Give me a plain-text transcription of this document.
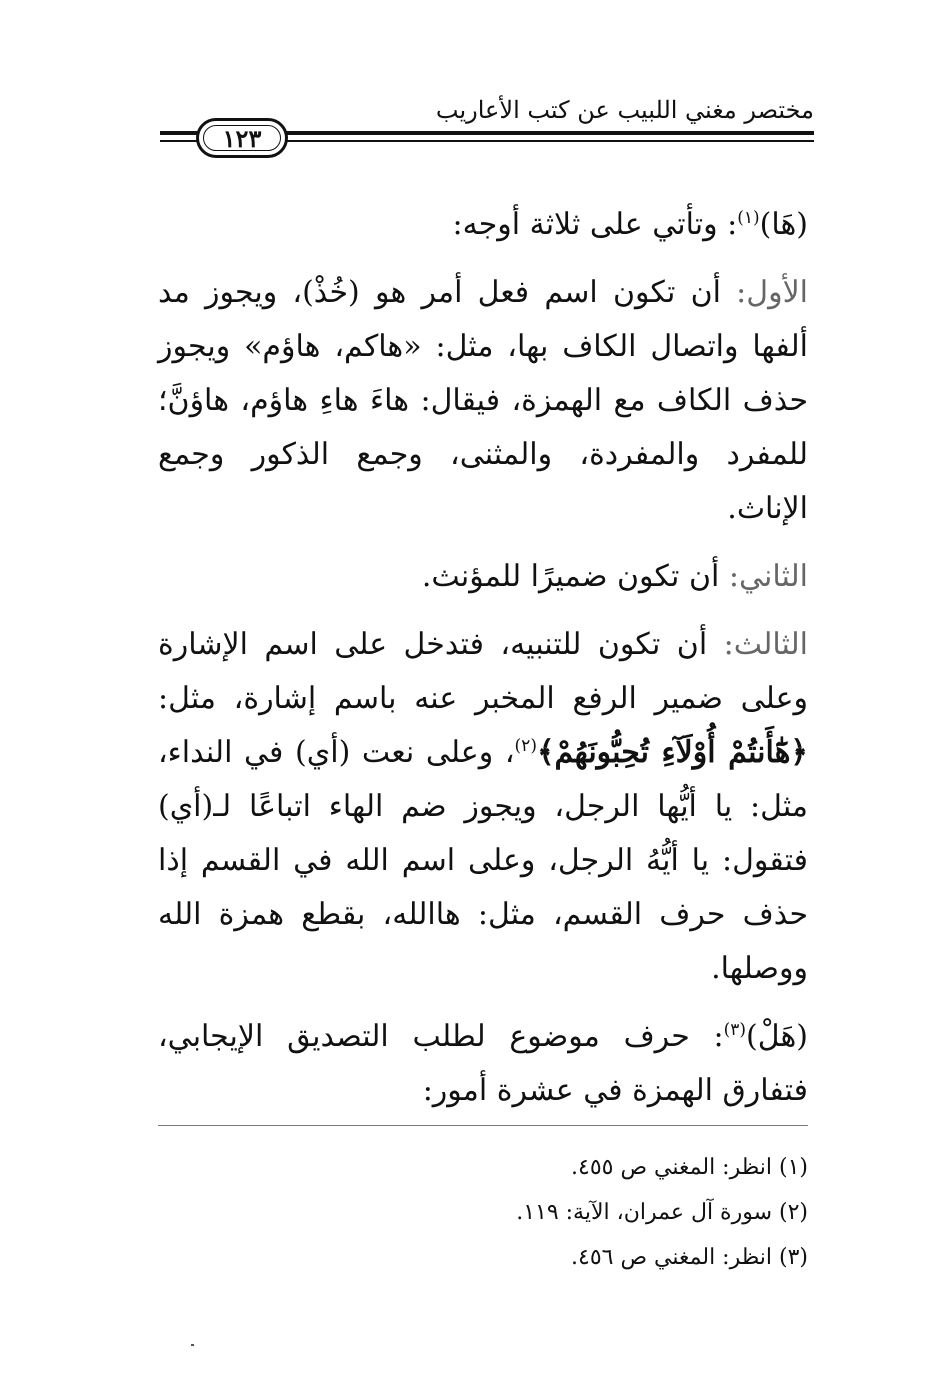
مختصر مغني اللبيب عن كتب الأعاريب
١٢٣

(هَا)$^{(١)}$: وتأتي على ثلاثة أوجه:

الأول: أن تكون اسم فعل أمر هو (خُذْ)، ويجوز مد ألفها واتصال الكاف بها، مثل: «هاكم، هاؤم» ويجوز حذف الكاف مع الهمزة، فيقال: هاءَ هاءِ هاؤم، هاؤنَّ؛ للمفرد والمفردة، والمثنى، وجمع الذكور وجمع الإناث.

الثاني: أن تكون ضميرًا للمؤنث.

الثالث: أن تكون للتنبيه، فتدخل على اسم الإشارة وعلى ضمير الرفع المخبر عنه باسم إشارة، مثل: ﴿هَٰٓأَنتُمْ أُوْلَآءِ تُحِبُّونَهُمْ﴾$^{(٢)}$، وعلى نعت (أي) في النداء، مثل: يا أيُّها الرجل، ويجوز ضم الهاء اتباعًا لـ(أي) فتقول: يا أيُّهُ الرجل، وعلى اسم الله في القسم إذا حذف حرف القسم، مثل: هاالله، بقطع همزة الله ووصلها.

(هَلْ)$^{(٣)}$: حرف موضوع لطلب التصديق الإيجابي، فتفارق الهمزة في عشرة أمور:

(١) انظر: المغني ص ٤٥٥.
(٢) سورة آل عمران، الآية: ١١٩.
(٣) انظر: المغني ص ٤٥٦.
